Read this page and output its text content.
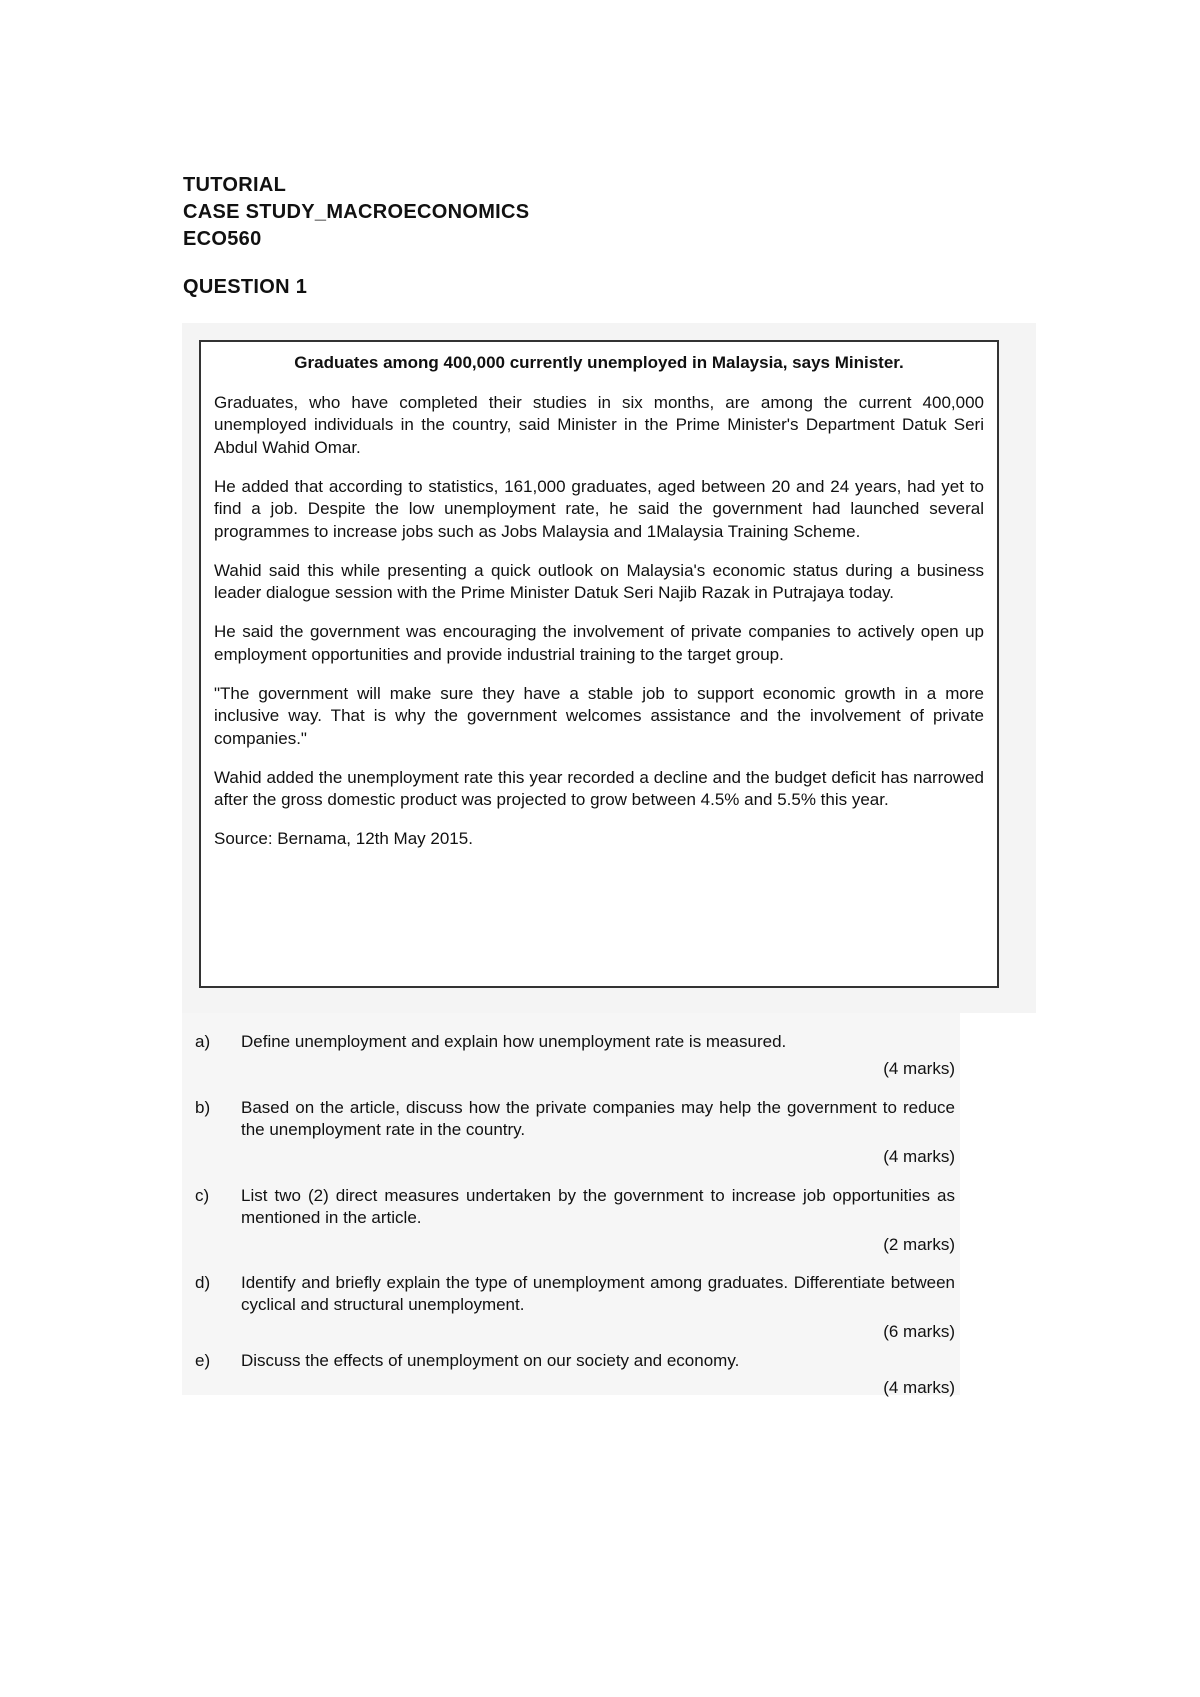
TUTORIAL
CASE STUDY_MACROECONOMICS
ECO560
QUESTION 1

Graduates among 400,000 currently unemployed in Malaysia, says Minister.

Graduates, who have completed their studies in six months, are among the current 400,000 unemployed individuals in the country, said Minister in the Prime Minister's Department Datuk Seri Abdul Wahid Omar.

He added that according to statistics, 161,000 graduates, aged between 20 and 24 years, had yet to find a job. Despite the low unemployment rate, he said the government had launched several programmes to increase jobs such as Jobs Malaysia and 1Malaysia Training Scheme.

Wahid said this while presenting a quick outlook on Malaysia's economic status during a business leader dialogue session with the Prime Minister Datuk Seri Najib Razak in Putrajaya today.

He said the government was encouraging the involvement of private companies to actively open up employment opportunities and provide industrial training to the target group.

"The government will make sure they have a stable job to support economic growth in a more inclusive way. That is why the government welcomes assistance and the involvement of private companies."

Wahid added the unemployment rate this year recorded a decline and the budget deficit has narrowed after the gross domestic product was projected to grow between 4.5% and 5.5% this year.

Source: Bernama, 12th May 2015.

a) Define unemployment and explain how unemployment rate is measured.
(4 marks)
b) Based on the article, discuss how the private companies may help the government to reduce the unemployment rate in the country.
(4 marks)
c) List two (2) direct measures undertaken by the government to increase job opportunities as mentioned in the article.
(2 marks)
d) Identify and briefly explain the type of unemployment among graduates. Differentiate between cyclical and structural unemployment.
(6 marks)
e) Discuss the effects of unemployment on our society and economy.
(4 marks)
